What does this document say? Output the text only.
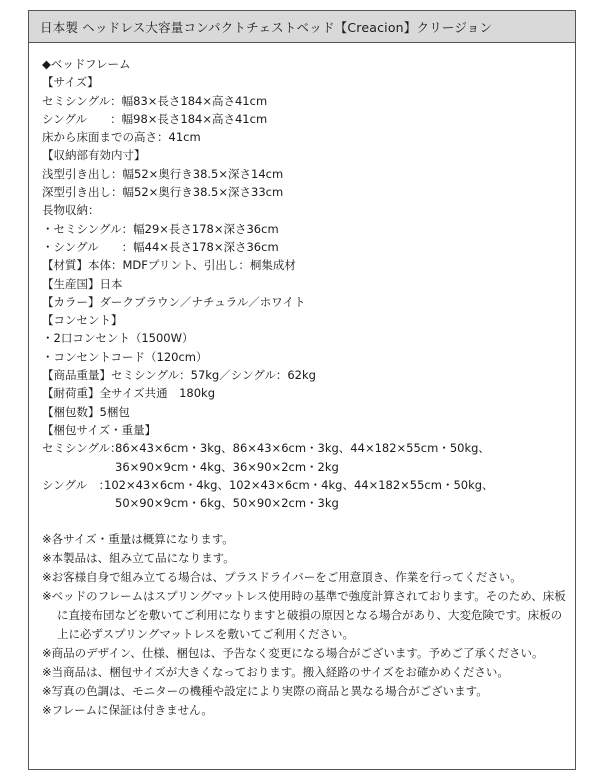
日本製 ヘッドレス大容量コンパクトチェストベッド【Creacion】クリージョン
◆ベッドフレーム
【サイズ】
セミシングル：幅83×長さ184×高さ41cm
シングル　　：幅98×長さ184×高さ41cm
床から床面までの高さ：41cm
【収納部有効内寸】
浅型引き出し：幅52×奥行き38.5×深さ14cm
深型引き出し：幅52×奥行き38.5×深さ33cm
長物収納：
・セミシングル：幅29×長さ178×深さ36cm
・シングル　　：幅44×長さ178×深さ36cm
【材質】本体：MDFプリント、引出し：桐集成材
【生産国】日本
【カラー】ダークブラウン／ナチュラル／ホワイト
【コンセント】
・2口コンセント（1500W）
・コンセントコード（120cm）
【商品重量】セミシングル：57kg／シングル：62kg
【耐荷重】全サイズ共通　180kg
【梱包数】5梱包
【梱包サイズ・重量】
セミシングル：
86×43×6cm・3kg、86×43×6cm・3kg、44×182×55cm・50kg、
36×90×9cm・4kg、36×90×2cm・2kg
シングル　：
102×43×6cm・4kg、102×43×6cm・4kg、44×182×55cm・50kg、
50×90×9cm・6kg、50×90×2cm・3kg
※各サイズ・重量は概算になります。
※本製品は、組み立て品になります。
※お客様自身で組み立てる場合は、プラスドライバーをご用意頂き、作業を行ってください。
※ベッドのフレームはスプリングマットレス使用時の基準で強度計算されております。そのため、床板
に直接布団などを敷いてご利用になりますと破損の原因となる場合があり、大変危険です。床板の
上に必ずスプリングマットレスを敷いてご利用ください。
※商品のデザイン、仕様、梱包は、予告なく変更になる場合がございます。予めご了承ください。
※当商品は、梱包サイズが大きくなっております。搬入経路のサイズをお確かめください。
※写真の色調は、モニターの機種や設定により実際の商品と異なる場合がございます。
※フレームに保証は付きません。
